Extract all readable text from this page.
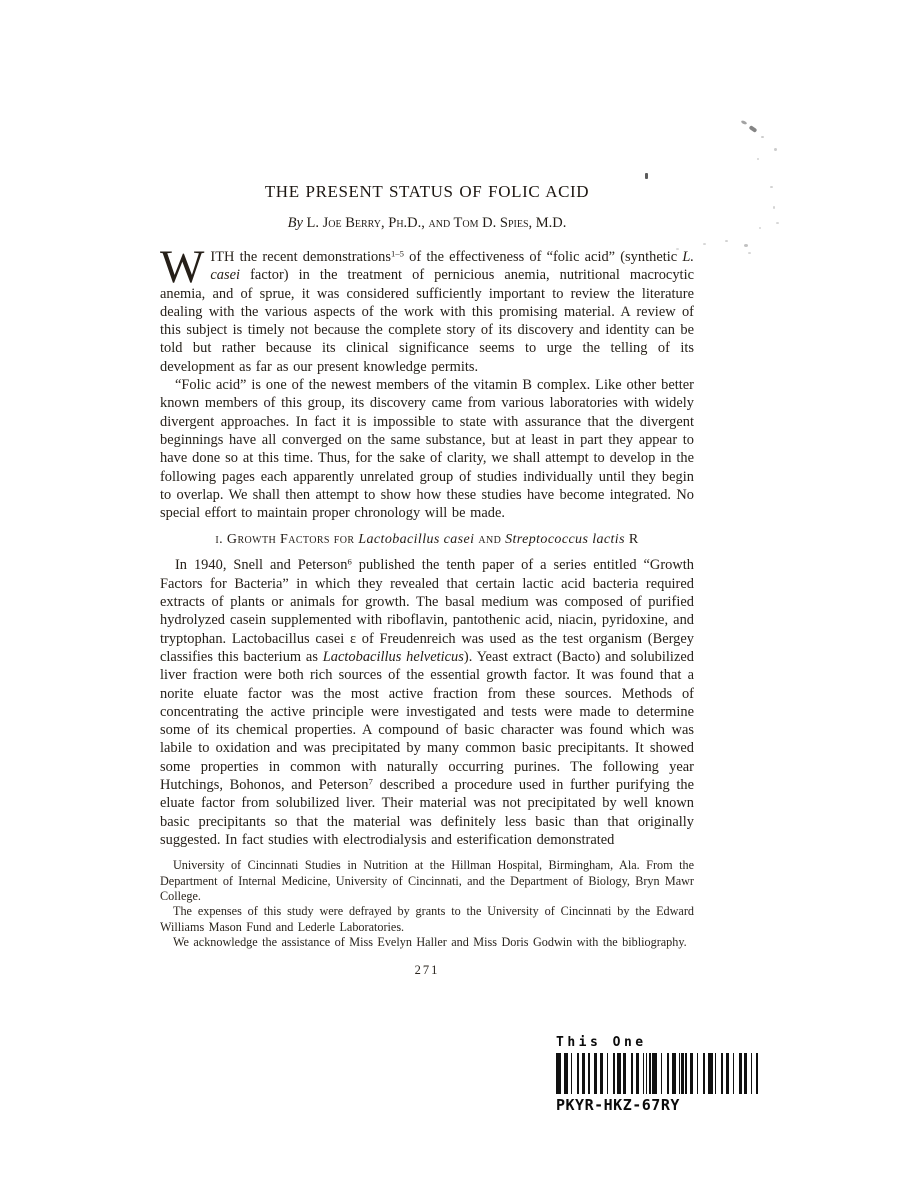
THE PRESENT STATUS OF FOLIC ACID
By L. Joe Berry, Ph.D., and Tom D. Spies, M.D.

WITH the recent demonstrations$^{1-5}$ of the effectiveness of “folic acid” (synthetic L. casei factor) in the treatment of pernicious anemia, nutritional macrocytic anemia, and of sprue, it was considered sufficiently important to review the literature dealing with the various aspects of the work with this promising material. A review of this subject is timely not because the complete story of its discovery and identity can be told but rather because its clinical significance seems to urge the telling of its development as far as our present knowledge permits.

“Folic acid” is one of the newest members of the vitamin B complex. Like other better known members of this group, its discovery came from various laboratories with widely divergent approaches. In fact it is impossible to state with assurance that the divergent beginnings have all converged on the same substance, but at least in part they appear to have done so at this time. Thus, for the sake of clarity, we shall attempt to develop in the following pages each apparently unrelated group of studies individually until they begin to overlap. We shall then attempt to show how these studies have become integrated. No special effort to maintain proper chronology will be made.

i. Growth Factors for Lactobacillus casei and Streptococcus lactis R

In 1940, Snell and Peterson$^6$ published the tenth paper of a series entitled “Growth Factors for Bacteria” in which they revealed that certain lactic acid bacteria required extracts of plants or animals for growth. The basal medium was composed of purified hydrolyzed casein supplemented with riboflavin, pantothenic acid, niacin, pyridoxine, and tryptophan. Lactobacillus casei ε of Freudenreich was used as the test organism (Bergey classifies this bacterium as Lactobacillus helveticus). Yeast extract (Bacto) and solubilized liver fraction were both rich sources of the essential growth factor. It was found that a norite eluate factor was the most active fraction from these sources. Methods of concentrating the active principle were investigated and tests were made to determine some of its chemical properties. A compound of basic character was found which was labile to oxidation and was precipitated by many common basic precipitants. It showed some properties in common with naturally occurring purines. The following year Hutchings, Bohonos, and Peterson$^7$ described a procedure used in further purifying the eluate factor from solubilized liver. Their material was not precipitated by well known basic precipitants so that the material was definitely less basic than that originally suggested. In fact studies with electrodialysis and esterification demonstrated

University of Cincinnati Studies in Nutrition at the Hillman Hospital, Birmingham, Ala. From the Department of Internal Medicine, University of Cincinnati, and the Department of Biology, Bryn Mawr College.

The expenses of this study were defrayed by grants to the University of Cincinnati by the Edward Williams Mason Fund and Lederle Laboratories.

We acknowledge the assistance of Miss Evelyn Haller and Miss Doris Godwin with the bibliography.

271
This One
PKYR-HKZ-67RY
